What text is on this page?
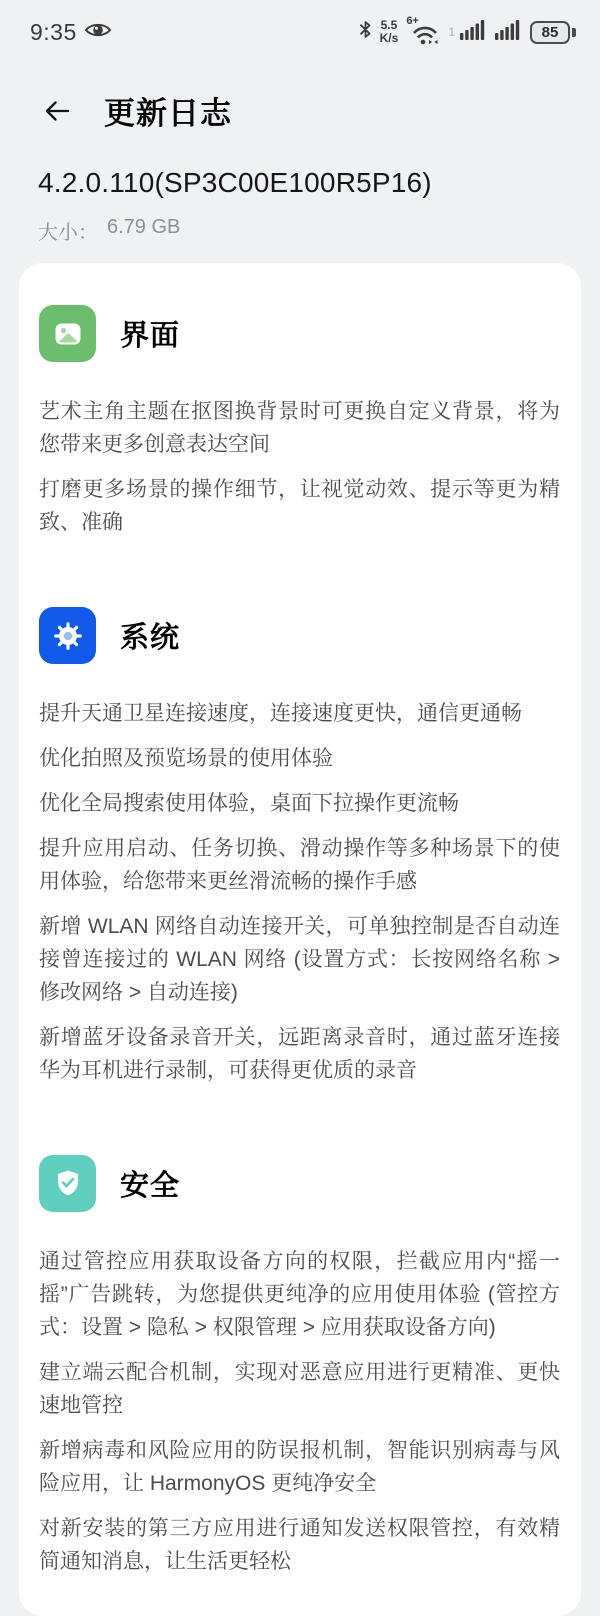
9:35	5.5
K/s
6+
1	85
更新日志
4.2.0.110(SP3C00E100R5P16)
大小： 6.79 GB
界面

艺术主角主题在抠图换背景时可更换自定义背景，将为您带来更多创意表达空间

打磨更多场景的操作细节，让视觉动效、提示等更为精致、准确

系统

提升天通卫星连接速度，连接速度更快，通信更通畅

优化拍照及预览场景的使用体验

优化全局搜索使用体验，桌面下拉操作更流畅

提升应用启动、任务切换、滑动操作等多种场景下的使用体验，给您带来更丝滑流畅的操作手感

新增 WLAN 网络自动连接开关，可单独控制是否自动连接曾连接过的 WLAN 网络 (设置方式：长按网络名称 > 修改网络 > 自动连接)

新增蓝牙设备录音开关，远距离录音时，通过蓝牙连接华为耳机进行录制，可获得更优质的录音

安全

通过管控应用获取设备方向的权限，拦截应用内“摇一摇”广告跳转，为您提供更纯净的应用使用体验 (管控方式：设置 > 隐私 > 权限管理 > 应用获取设备方向)

建立端云配合机制，实现对恶意应用进行更精准、更快速地管控

新增病毒和风险应用的防误报机制，智能识别病毒与风险应用，让 HarmonyOS 更纯净安全

对新安装的第三方应用进行通知发送权限管控，有效精简通知消息，让生活更轻松
